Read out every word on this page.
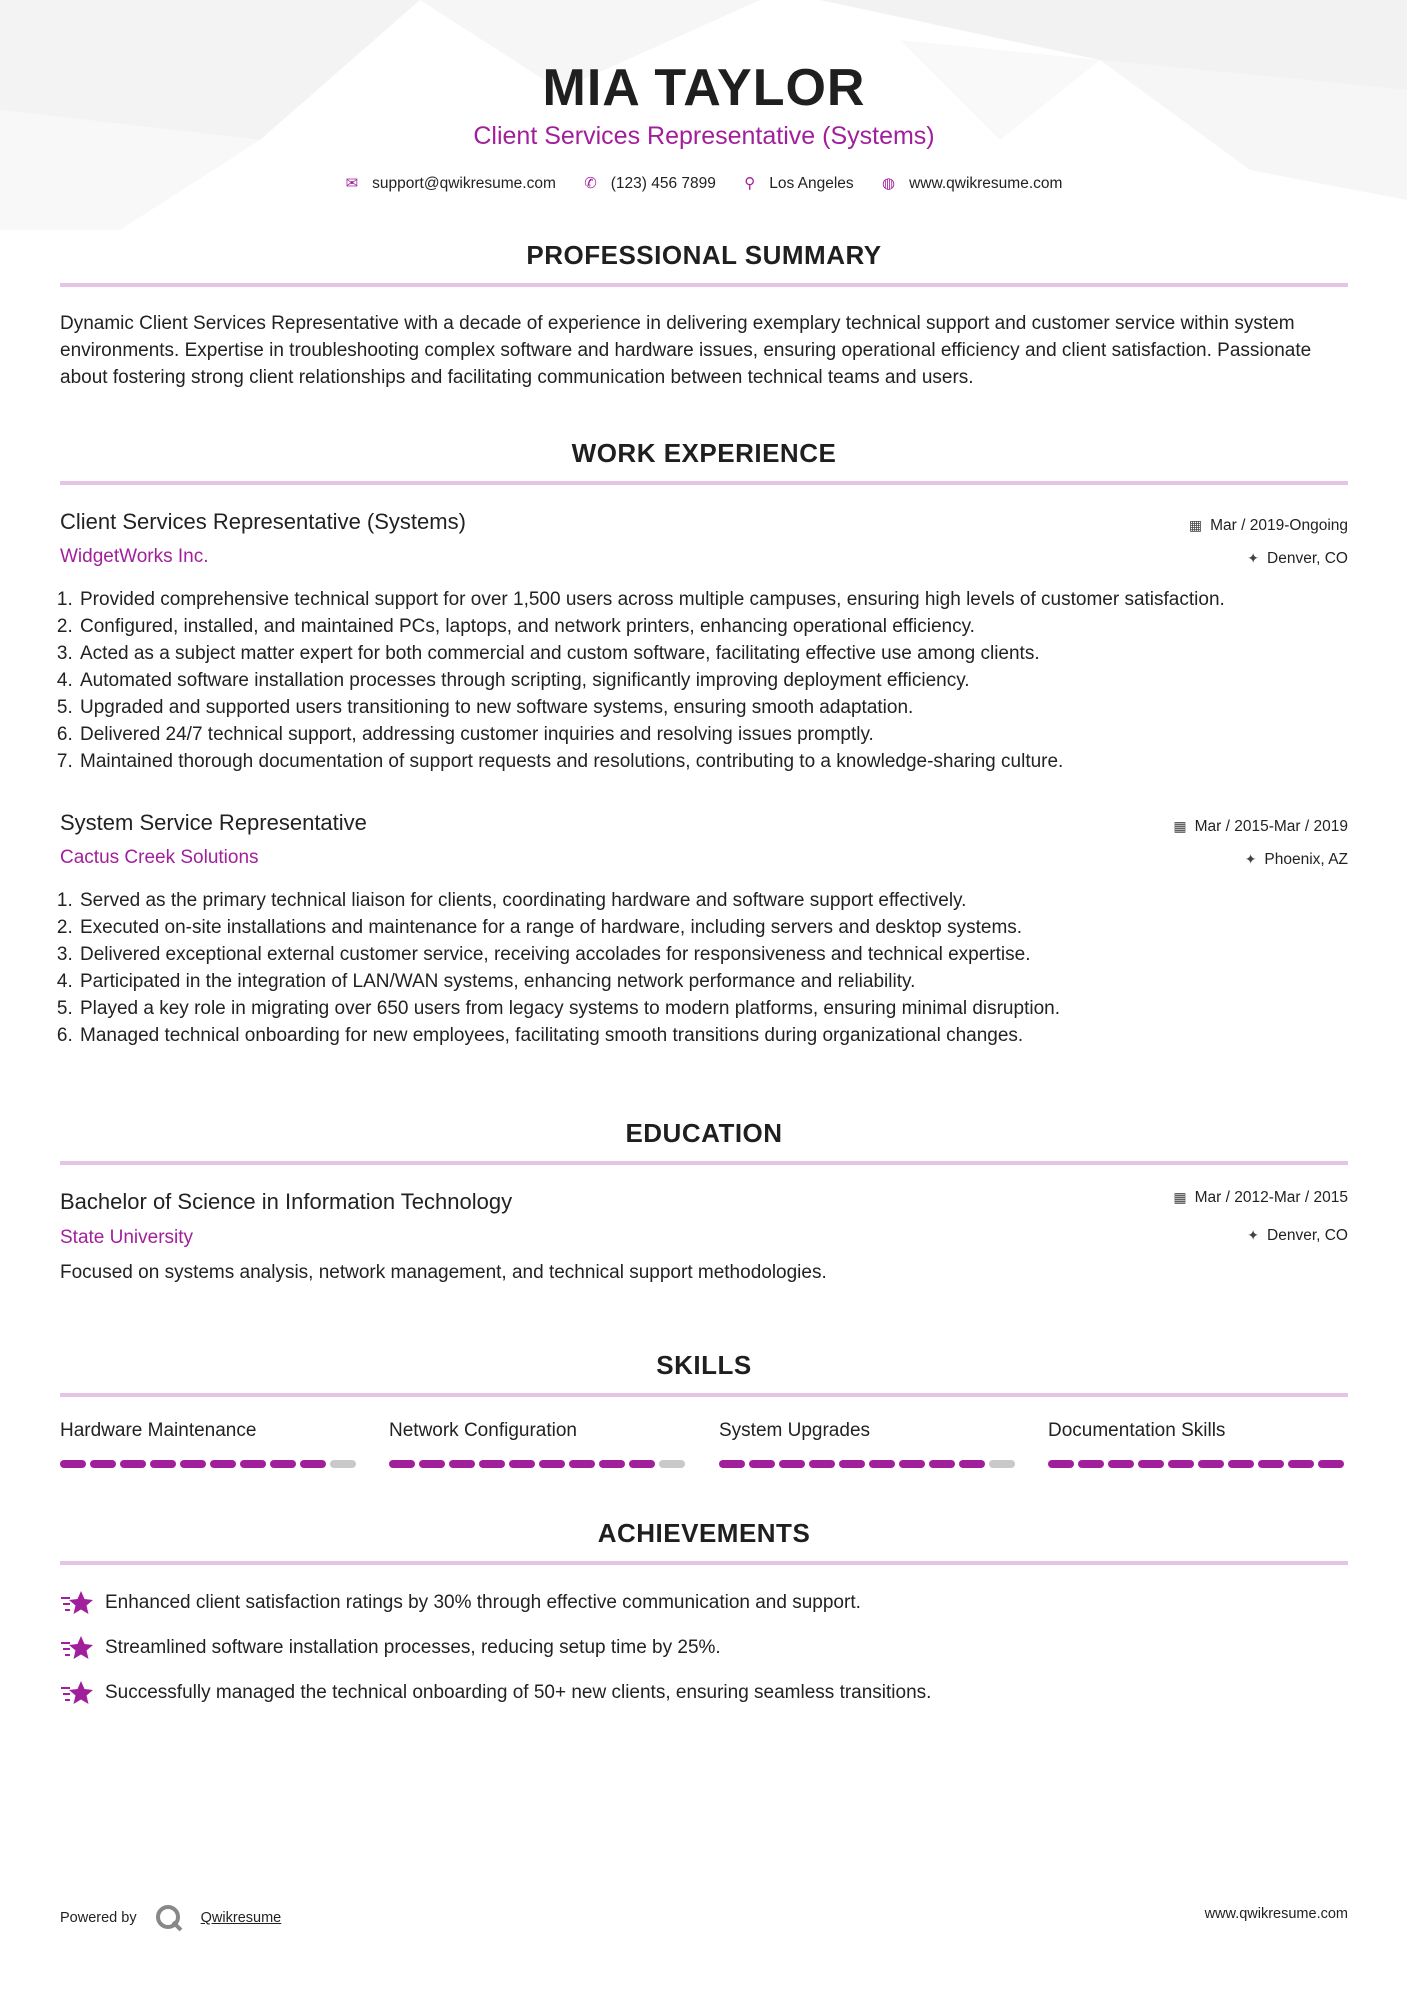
MIA TAYLOR
Client Services Representative (Systems)
✉ support@qwikresume.com ✆ (123) 456 7899 ⚲ Los Angeles ◍ www.qwikresume.com
PROFESSIONAL SUMMARY
Dynamic Client Services Representative with a decade of experience in delivering exemplary technical support and customer service within system environments. Expertise in troubleshooting complex software and hardware issues, ensuring operational efficiency and client satisfaction. Passionate about fostering strong client relationships and facilitating communication between technical teams and users.
WORK EXPERIENCE
Client Services Representative (Systems)
WidgetWorks Inc.
▦ Mar / 2019-Ongoing
✦ Denver, CO
1. Provided comprehensive technical support for over 1,500 users across multiple campuses, ensuring high levels of customer satisfaction.
2. Configured, installed, and maintained PCs, laptops, and network printers, enhancing operational efficiency.
3. Acted as a subject matter expert for both commercial and custom software, facilitating effective use among clients.
4. Automated software installation processes through scripting, significantly improving deployment efficiency.
5. Upgraded and supported users transitioning to new software systems, ensuring smooth adaptation.
6. Delivered 24/7 technical support, addressing customer inquiries and resolving issues promptly.
7. Maintained thorough documentation of support requests and resolutions, contributing to a knowledge-sharing culture.
System Service Representative
Cactus Creek Solutions
▦ Mar / 2015-Mar / 2019
✦ Phoenix, AZ
1. Served as the primary technical liaison for clients, coordinating hardware and software support effectively.
2. Executed on-site installations and maintenance for a range of hardware, including servers and desktop systems.
3. Delivered exceptional external customer service, receiving accolades for responsiveness and technical expertise.
4. Participated in the integration of LAN/WAN systems, enhancing network performance and reliability.
5. Played a key role in migrating over 650 users from legacy systems to modern platforms, ensuring minimal disruption.
6. Managed technical onboarding for new employees, facilitating smooth transitions during organizational changes.
EDUCATION
Bachelor of Science in Information Technology
State University
▦ Mar / 2012-Mar / 2015
✦ Denver, CO
Focused on systems analysis, network management, and technical support methodologies.
SKILLS
Hardware Maintenance	Network Configuration	System Upgrades	Documentation Skills
ACHIEVEMENTS
Enhanced client satisfaction ratings by 30% through effective communication and support.
Streamlined software installation processes, reducing setup time by 25%.
Successfully managed the technical onboarding of 50+ new clients, ensuring seamless transitions.
Powered by	Qwikresume	www.qwikresume.com
